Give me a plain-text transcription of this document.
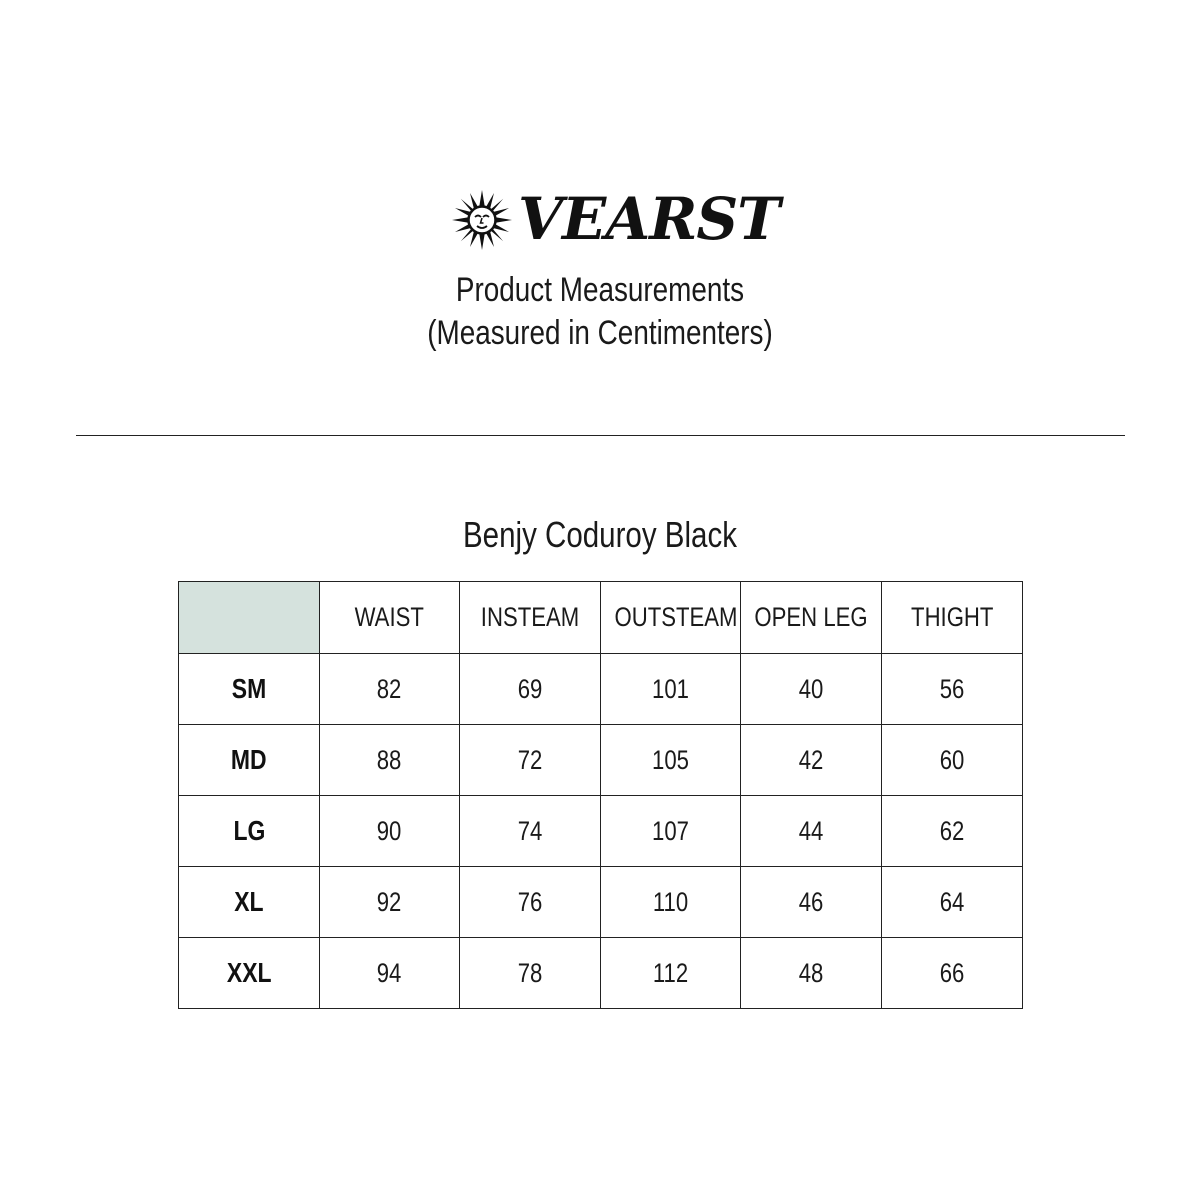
VEARST
Product Measurements
(Measured in Centimenters)
Benjy Coduroy Black
	WAIST	INSTEAM	OUTSTEAM	OPEN LEG	THIGHT
SM	82	69	101	40	56
MD	88	72	105	42	60
LG	90	74	107	44	62
XL	92	76	110	46	64
XXL	94	78	112	48	66
